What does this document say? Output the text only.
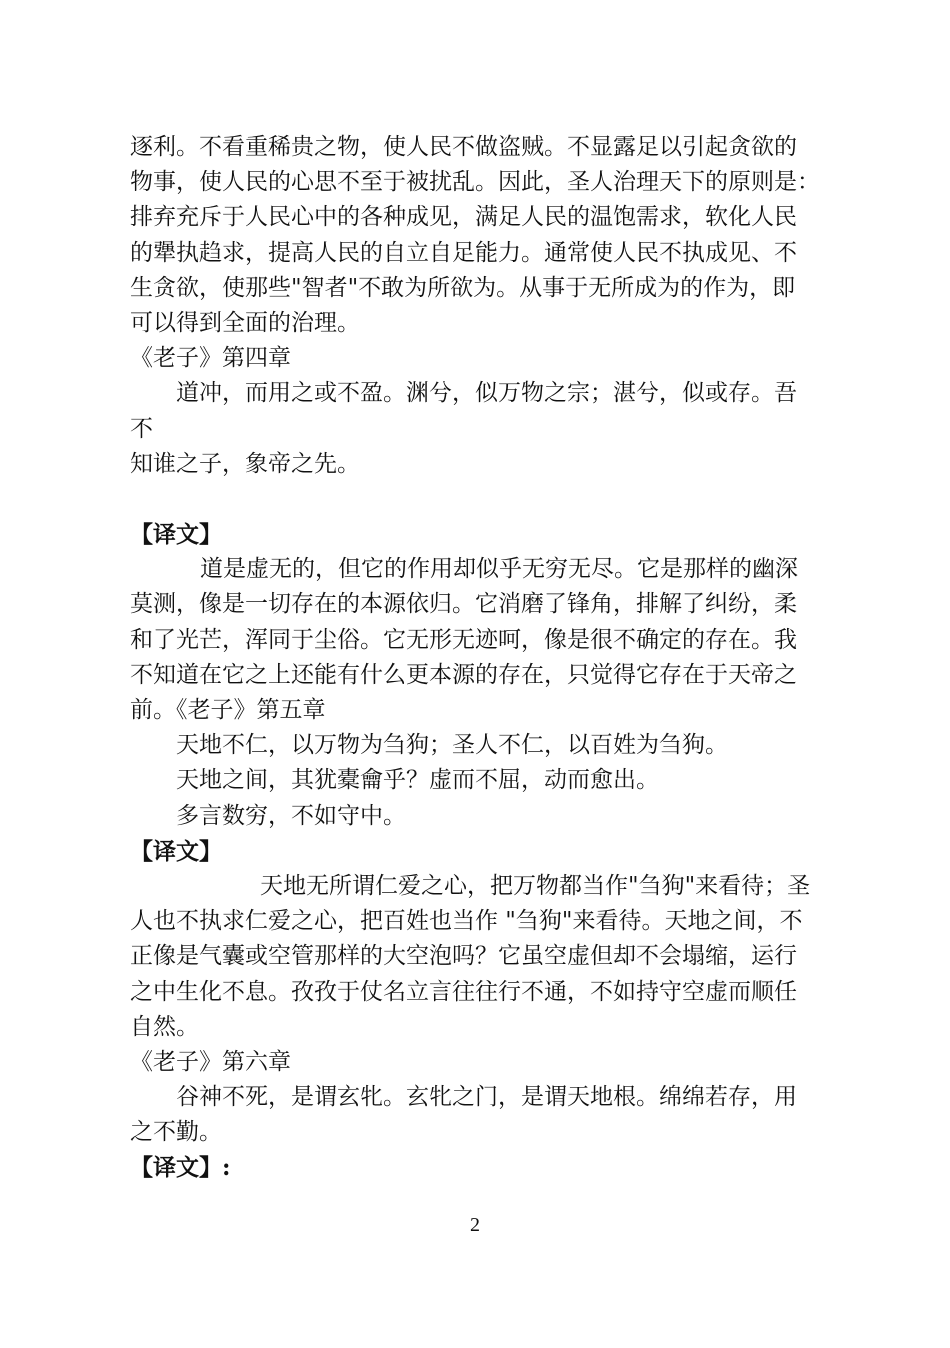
逐利。不看重稀贵之物，使人民不做盗贼。不显露足以引起贪欲的
物事，使人民的心思不至于被扰乱。因此，圣人治理天下的原则是：
排弃充斥于人民心中的各种成见，满足人民的温饱需求，软化人民
的犟执趋求，提高人民的自立自足能力。通常使人民不执成见、不
生贪欲，使那些"智者"不敢为所欲为。从事于无所成为的作为，即
可以得到全面的治理。
《老子》第四章
道冲，而用之或不盈。渊兮，似万物之宗；湛兮，似或存。吾
不
知谁之子，象帝之先。
【译文】
道是虚无的，但它的作用却似乎无穷无尽。它是那样的幽深
莫测，像是一切存在的本源依归。它消磨了锋角，排解了纠纷，柔
和了光芒，浑同于尘俗。它无形无迹呵，像是很不确定的存在。我
不知道在它之上还能有什么更本源的存在，只觉得它存在于天帝之
前。《老子》第五章
天地不仁，以万物为刍狗；圣人不仁，以百姓为刍狗。
天地之间，其犹橐龠乎？虚而不屈，动而愈出。
多言数穷，不如守中。
【译文】
天地无所谓仁爱之心，把万物都当作"刍狗"来看待；圣
人也不执求仁爱之心，把百姓也当作 "刍狗"来看待。天地之间，不
正像是气囊或空管那样的大空泡吗？它虽空虚但却不会塌缩，运行
之中生化不息。孜孜于仗名立言往往行不通，不如持守空虚而顺任
自然。
《老子》第六章
谷神不死，是谓玄牝。玄牝之门，是谓天地根。绵绵若存，用
之不勤。
【译文】:
2
